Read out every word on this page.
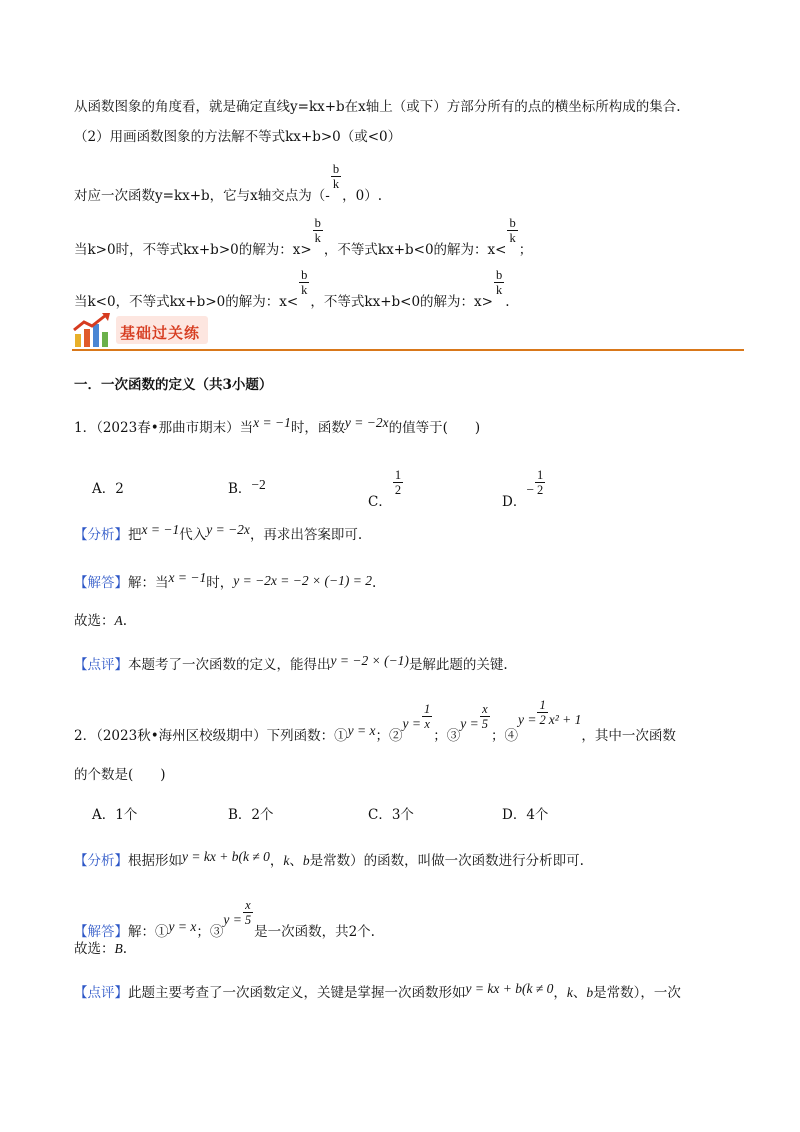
从函数图象的角度看，就是确定直线y=kx+b在x轴上（或下）方部分所有的点的横坐标所构成的集合.
（2）用画函数图象的方法解不等式kx+b>0（或<0）
对应一次函数y=kx+b，它与x轴交点为（-
$\frac{b}{k}$
，0）.
当k>0时，不等式kx+b>0的解为：x>
$\frac{b}{k}$
，不等式kx+b<0的解为：x<
$\frac{b}{k}$
；
当k<0，不等式kx+b>0的解为：x<
$\frac{b}{k}$
，不等式kx+b<0的解为：x>
$\frac{b}{k}$
.
基础过关练
一．一次函数的定义（共3小题）
1．（2023春•那曲市期末）当x = −1时，函数y = −2x的值等于(　　)
A．2	B．−2
C．
$\frac{1}{2}$
D．− $\frac{1}{2}$
【分析】把x = −1代入y = −2x，再求出答案即可.
【解答】解：当x = −1时，y = −2x = −2 × (−1) = 2.
故选：A.
【点评】本题考了一次函数的定义，能得出y = −2 × (−1)是解此题的关键.
2．（2023秋•海州区校级期中）下列函数：①y = x；②y = $\frac{1}{x}$
；③y = $\frac{x}{5}$
；④y = $\frac{1}{2} x^2 + 1$，其中一次函数
的个数是(　　)
A．1个	B．2个	C．3个	D．4个
【分析】根据形如y = kx + b(k ≠ 0，k、b是常数）的函数，叫做一次函数进行分析即可.
【解答】解：①y = x；③y = $\frac{x}{5}$
是一次函数，共2个.
故选：B.
【点评】此题主要考查了一次函数定义，关键是掌握一次函数形如y = kx + b(k ≠ 0，k、b是常数），一次
